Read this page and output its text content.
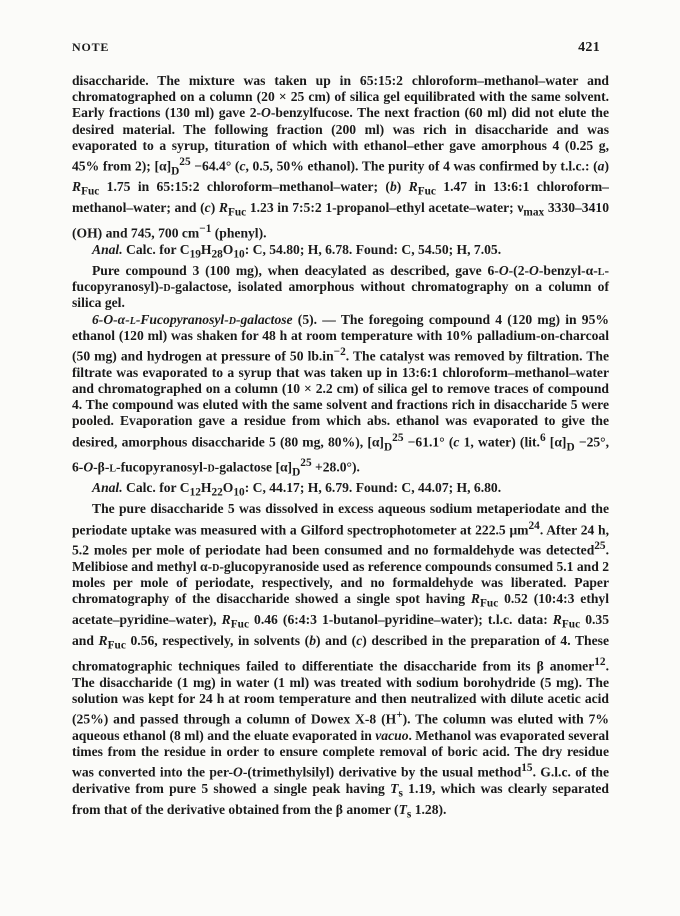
NOTE	421

disaccharide. The mixture was taken up in 65:15:2 chloroform–methanol–water and chromatographed on a column (20 × 25 cm) of silica gel equilibrated with the same solvent. Early fractions (130 ml) gave 2-O-benzylfucose. The next fraction (60 ml) did not elute the desired material. The following fraction (200 ml) was rich in disaccharide and was evaporated to a syrup, tituration of which with ethanol–ether gave amorphous 4 (0.25 g, 45% from 2); $[\alpha]_D^{25} -64.4^\circ$ (c, 0.5, 50% ethanol). The purity of 4 was confirmed by t.l.c.: (a) $R_{Fuc}$ 1.75 in 65:15:2 chloroform–methanol–water; (b) $R_{Fuc}$ 1.47 in 13:6:1 chloroform–methanol–water; and (c) $R_{Fuc}$ 1.23 in 7:5:2 1-propanol–ethyl acetate–water; $\nu_{max}$ 3330–3410 (OH) and 745, 700 $cm^{-1}$ (phenyl).

Anal. Calc. for $C_{19}H_{28}O_{10}$: C, 54.80; H, 6.78. Found: C, 54.50; H, 7.05.

Pure compound 3 (100 mg), when deacylated as described, gave 6-O-(2-O-benzyl-α-l-fucopyranosyl)-d-galactose, isolated amorphous without chromatography on a column of silica gel.

6-O-α-l-Fucopyranosyl-d-galactose (5). — The foregoing compound 4 (120 mg) in 95% ethanol (120 ml) was shaken for 48 h at room temperature with 10% palladium-on-charcoal (50 mg) and hydrogen at pressure of 50 $lb.in^{-2}$. The catalyst was removed by filtration. The filtrate was evaporated to a syrup that was taken up in 13:6:1 chloroform–methanol–water and chromatographed on a column (10 × 2.2 cm) of silica gel to remove traces of compound 4. The compound was eluted with the same solvent and fractions rich in disaccharide 5 were pooled. Evaporation gave a residue from which abs. ethanol was evaporated to give the desired, amorphous disaccharide 5 (80 mg, 80%), $[\alpha]_D^{25} -61.1^\circ$ (c 1, water) (lit.$^6$ $[\alpha]_D -25^\circ$, 6-O-β-l-fucopyranosyl-d-galactose $[\alpha]_D^{25} +28.0^\circ$).

Anal. Calc. for $C_{12}H_{22}O_{10}$: C, 44.17; H, 6.79. Found: C, 44.07; H, 6.80.

The pure disaccharide 5 was dissolved in excess aqueous sodium metaperiodate and the periodate uptake was measured with a Gilford spectrophotometer at 222.5 $\mu m^{24}$. After 24 h, 5.2 moles per mole of periodate had been consumed and no formaldehyde was detected$^{25}$. Melibiose and methyl α-d-glucopyranoside used as reference compounds consumed 5.1 and 2 moles per mole of periodate, respectively, and no formaldehyde was liberated. Paper chromatography of the disaccharide showed a single spot having $R_{Fuc}$ 0.52 (10:4:3 ethyl acetate–pyridine–water), $R_{Fuc}$ 0.46 (6:4:3 1-butanol–pyridine–water); t.l.c. data: $R_{Fuc}$ 0.35 and $R_{Fuc}$ 0.56, respectively, in solvents (b) and (c) described in the preparation of 4. These chromatographic techniques failed to differentiate the disaccharide from its β anomer$^{12}$. The disaccharide (1 mg) in water (1 ml) was treated with sodium borohydride (5 mg). The solution was kept for 24 h at room temperature and then neutralized with dilute acetic acid (25%) and passed through a column of Dowex X-8 (H+). The column was eluted with 7% aqueous ethanol (8 ml) and the eluate evaporated in vacuo. Methanol was evaporated several times from the residue in order to ensure complete removal of boric acid. The dry residue was converted into the per-O-(trimethylsilyl) derivative by the usual method$^{15}$. G.l.c. of the derivative from pure 5 showed a single peak having $T_s$ 1.19, which was clearly separated from that of the derivative obtained from the β anomer ($T_s$ 1.28).
